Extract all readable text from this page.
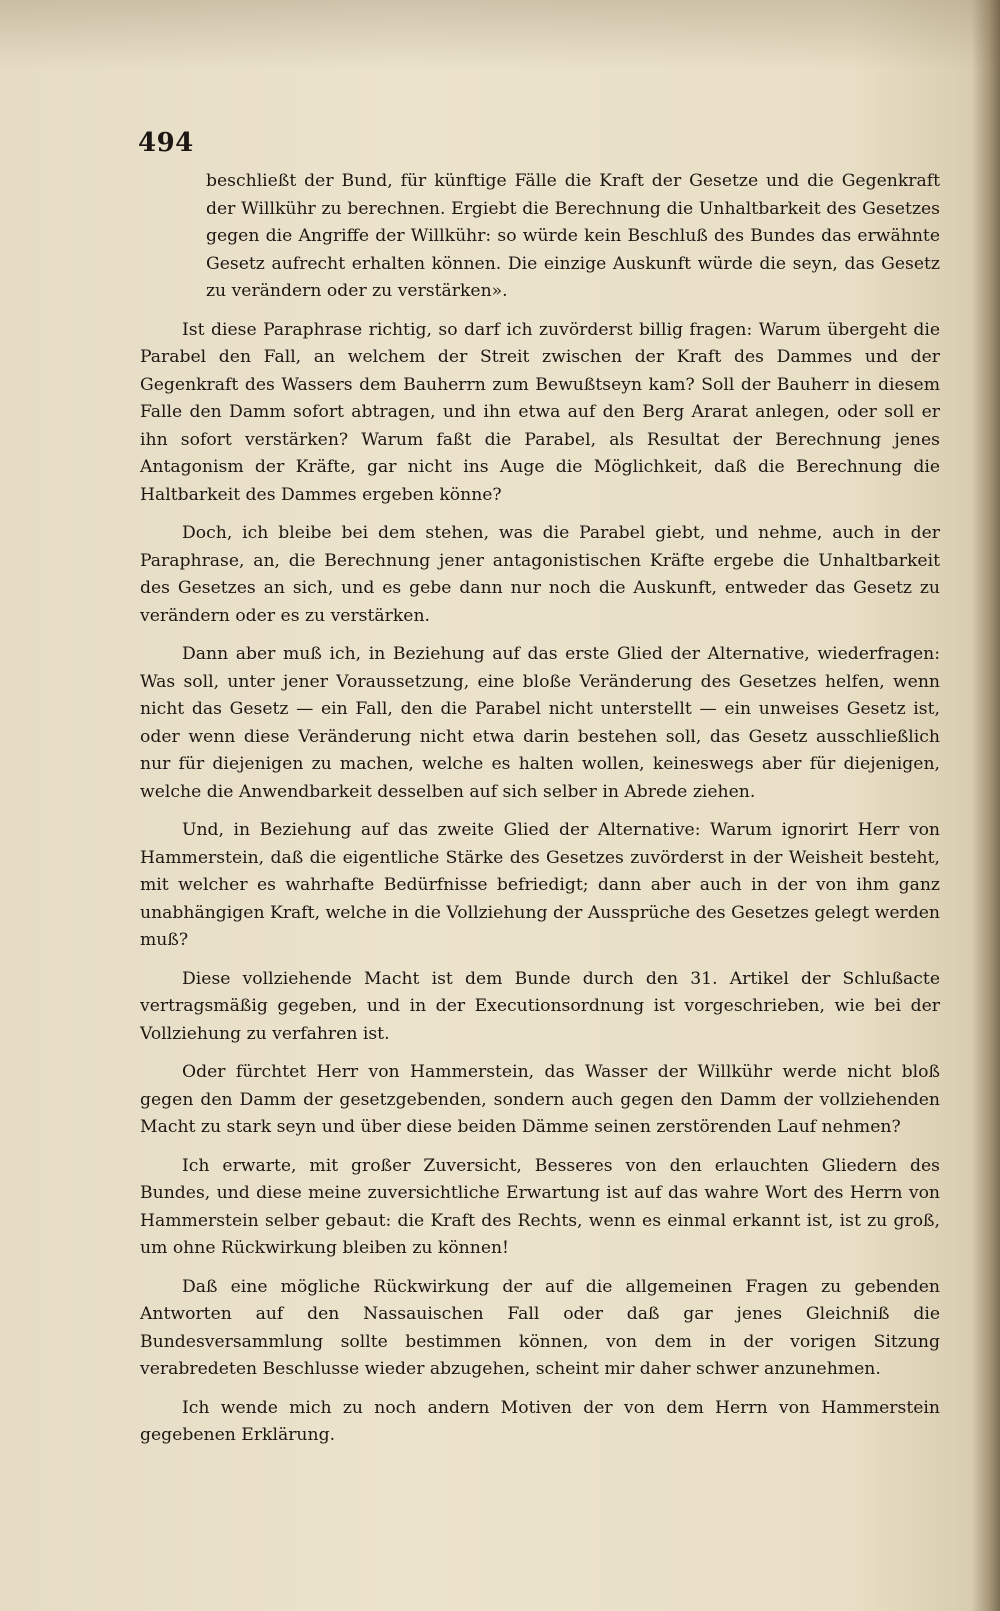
494

beschließt der Bund, für künftige Fälle die Kraft der Gesetze und die Gegenkraft der Willkühr zu berechnen. Ergiebt die Berechnung die Unhaltbarkeit des Gesetzes gegen die Angriffe der Willkühr: so würde kein Beschluß des Bundes das erwähnte Gesetz aufrecht erhalten können. Die einzige Auskunft würde die seyn, das Gesetz zu verändern oder zu verstärken».

Ist diese Paraphrase richtig, so darf ich zuvörderst billig fragen: Warum übergeht die Parabel den Fall, an welchem der Streit zwischen der Kraft des Dammes und der Gegenkraft des Wassers dem Bauherrn zum Bewußtseyn kam? Soll der Bauherr in diesem Falle den Damm sofort abtragen, und ihn etwa auf den Berg Ararat anlegen, oder soll er ihn sofort verstärken? Warum faßt die Parabel, als Resultat der Berechnung jenes Antagonism der Kräfte, gar nicht ins Auge die Möglichkeit, daß die Berechnung die Haltbarkeit des Dammes ergeben könne?

Doch, ich bleibe bei dem stehen, was die Parabel giebt, und nehme, auch in der Paraphrase, an, die Berechnung jener antagonistischen Kräfte ergebe die Unhaltbarkeit des Gesetzes an sich, und es gebe dann nur noch die Auskunft, entweder das Gesetz zu verändern oder es zu verstärken.

Dann aber muß ich, in Beziehung auf das erste Glied der Alternative, wiederfragen: Was soll, unter jener Voraussetzung, eine bloße Veränderung des Gesetzes helfen, wenn nicht das Gesetz — ein Fall, den die Parabel nicht unterstellt — ein unweises Gesetz ist, oder wenn diese Veränderung nicht etwa darin bestehen soll, das Gesetz ausschließlich nur für diejenigen zu machen, welche es halten wollen, keineswegs aber für diejenigen, welche die Anwendbarkeit desselben auf sich selber in Abrede ziehen.

Und, in Beziehung auf das zweite Glied der Alternative: Warum ignorirt Herr von Hammerstein, daß die eigentliche Stärke des Gesetzes zuvörderst in der Weisheit besteht, mit welcher es wahrhafte Bedürfnisse befriedigt; dann aber auch in der von ihm ganz unabhängigen Kraft, welche in die Vollziehung der Aussprüche des Gesetzes gelegt werden muß?

Diese vollziehende Macht ist dem Bunde durch den 31. Artikel der Schlußacte vertragsmäßig gegeben, und in der Executionsordnung ist vorgeschrieben, wie bei der Vollziehung zu verfahren ist.

Oder fürchtet Herr von Hammerstein, das Wasser der Willkühr werde nicht bloß gegen den Damm der gesetzgebenden, sondern auch gegen den Damm der vollziehenden Macht zu stark seyn und über diese beiden Dämme seinen zerstörenden Lauf nehmen?

Ich erwarte, mit großer Zuversicht, Besseres von den erlauchten Gliedern des Bundes, und diese meine zuversichtliche Erwartung ist auf das wahre Wort des Herrn von Hammerstein selber gebaut: die Kraft des Rechts, wenn es einmal erkannt ist, ist zu groß, um ohne Rückwirkung bleiben zu können!

Daß eine mögliche Rückwirkung der auf die allgemeinen Fragen zu gebenden Antworten auf den Nassauischen Fall oder daß gar jenes Gleichniß die Bundesversammlung sollte bestimmen können, von dem in der vorigen Sitzung verabredeten Beschlusse wieder abzugehen, scheint mir daher schwer anzunehmen.

Ich wende mich zu noch andern Motiven der von dem Herrn von Hammerstein gegebenen Erklärung.
